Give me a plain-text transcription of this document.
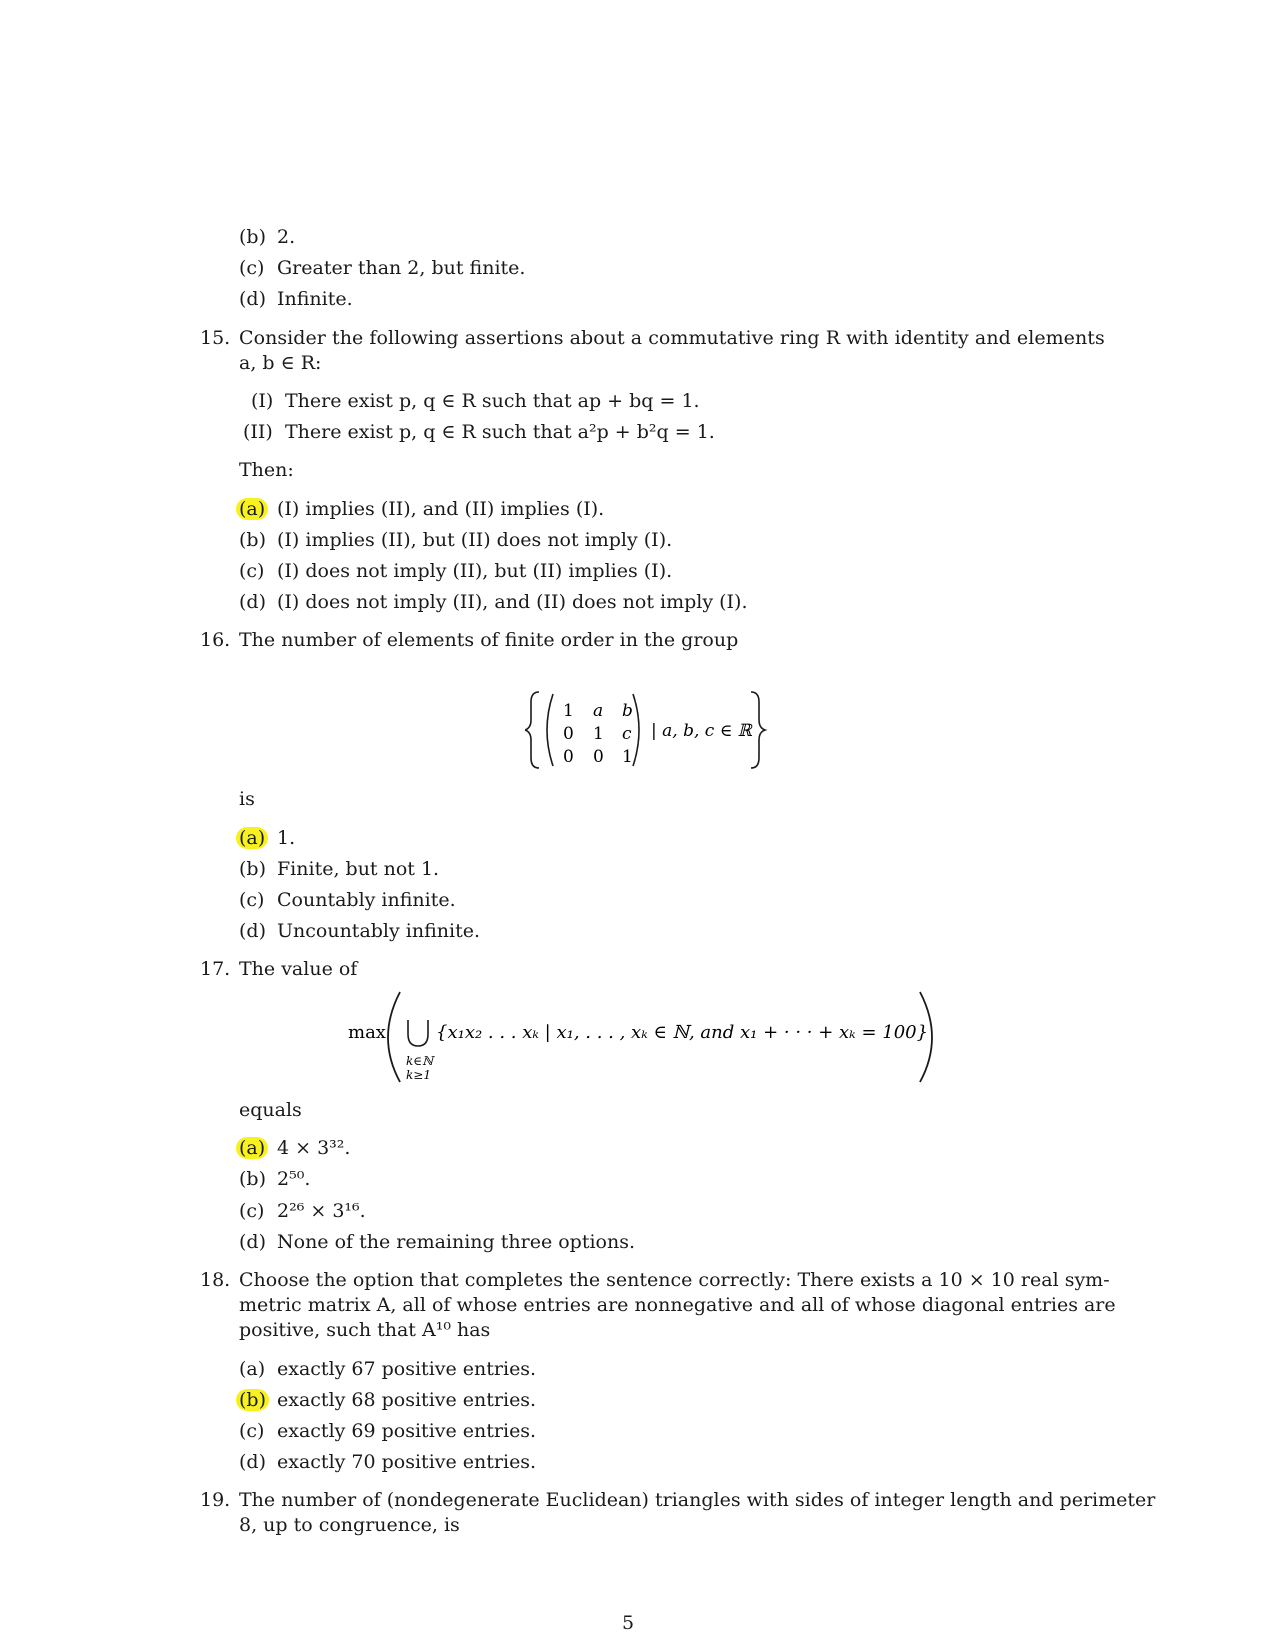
(b) 2.
(c) Greater than 2, but finite.
(d) Infinite.
15. Consider the following assertions about a commutative ring R with identity and elements
a, b ∈ R:
(I) There exist p, q ∈ R such that ap + bq = 1.
(II) There exist p, q ∈ R such that a²p + b²q = 1.
Then:
(a) (I) implies (II), and (II) implies (I).
(b) (I) implies (II), but (II) does not imply (I).
(c) (I) does not imply (II), but (II) implies (I).
(d) (I) does not imply (II), and (II) does not imply (I).
16. The number of elements of finite order in the group
1 a b
0 1 c
0 0 1
| a, b, c ∈ ℝ
is
(a) 1.
(b) Finite, but not 1.
(c) Countably infinite.
(d) Uncountably infinite.
17. The value of
max
k∈ℕ
k≥1
{x₁x₂ . . . xₖ | x₁, . . . , xₖ ∈ ℕ, and x₁ + · · · + xₖ = 100}
equals
(a) 4 × 3³².
(b) 2⁵⁰.
(c) 2²⁶ × 3¹⁶.
(d) None of the remaining three options.
18. Choose the option that completes the sentence correctly: There exists a 10 × 10 real sym-
metric matrix A, all of whose entries are nonnegative and all of whose diagonal entries are
positive, such that A¹⁰ has
(a) exactly 67 positive entries.
(b) exactly 68 positive entries.
(c) exactly 69 positive entries.
(d) exactly 70 positive entries.
19. The number of (nondegenerate Euclidean) triangles with sides of integer length and perimeter
8, up to congruence, is
5
